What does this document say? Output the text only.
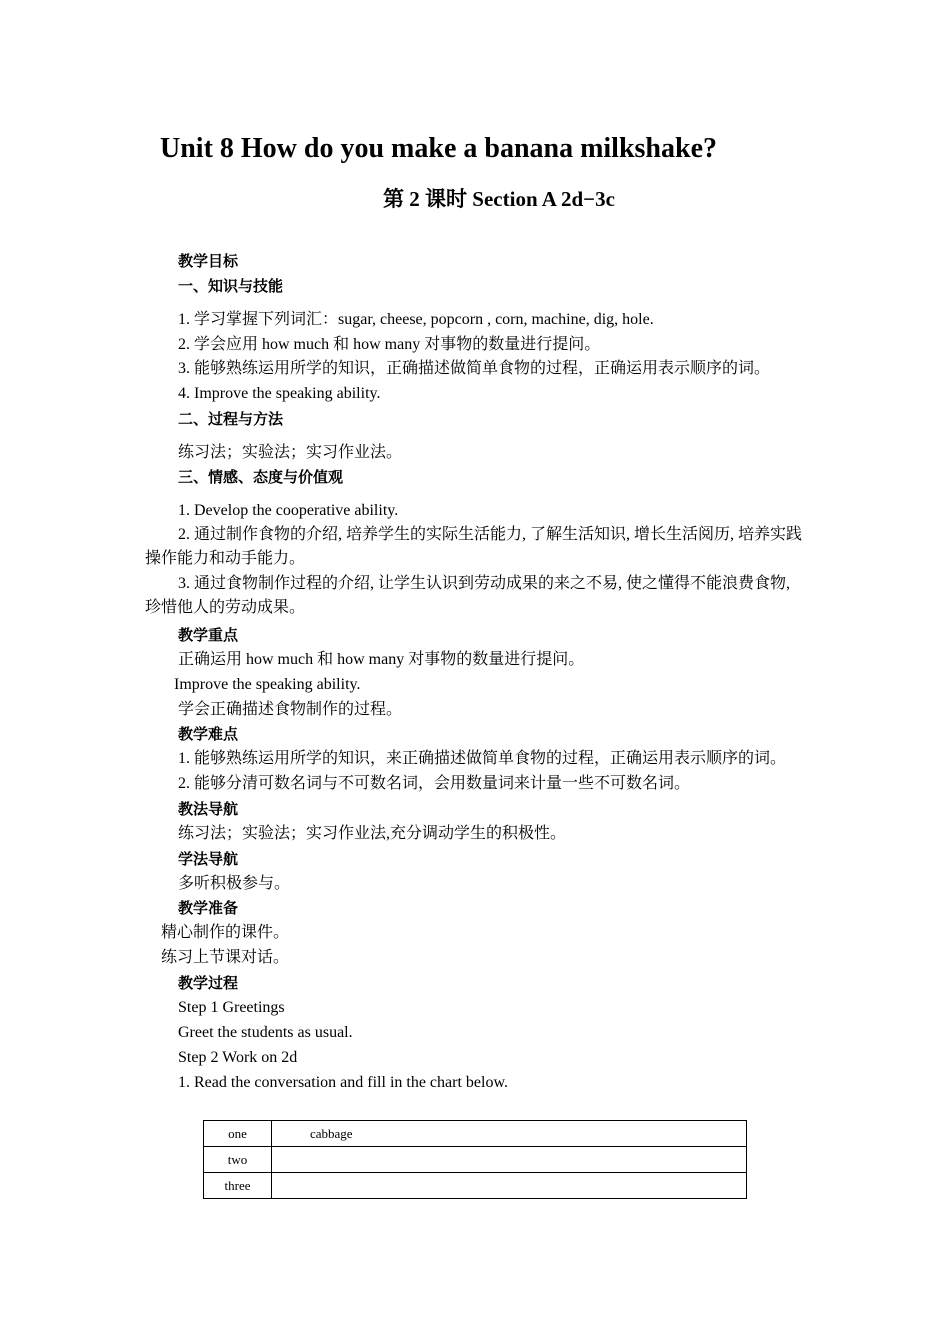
Unit 8 How do you make a banana milkshake?
第 2 课时 Section A 2d−3c
教学目标
一、知识与技能
1. 学习掌握下列词汇：sugar, cheese, popcorn , corn, machine, dig, hole.
2. 学会应用 how much 和 how many 对事物的数量进行提问。
3. 能够熟练运用所学的知识，正确描述做简单食物的过程，正确运用表示顺序的词。
4. Improve the speaking ability.
二、过程与方法
练习法；实验法；实习作业法。
三、情感、态度与价值观
1. Develop the cooperative ability.
2. 通过制作食物的介绍, 培养学生的实际生活能力, 了解生活知识, 增长生活阅历, 培养实践操作能力和动手能力。
3. 通过食物制作过程的介绍, 让学生认识到劳动成果的来之不易, 使之懂得不能浪费食物, 珍惜他人的劳动成果。
教学重点
正确运用 how much 和 how many 对事物的数量进行提问。
Improve the speaking ability.
学会正确描述食物制作的过程。
教学难点
1. 能够熟练运用所学的知识，来正确描述做简单食物的过程，正确运用表示顺序的词。
2. 能够分清可数名词与不可数名词，会用数量词来计量一些不可数名词。
教法导航
练习法；实验法；实习作业法,充分调动学生的积极性。
学法导航
多听积极参与。
教学准备
精心制作的课件。
练习上节课对话。
教学过程
Step 1 Greetings
Greet the students as usual.
Step 2 Work on 2d
1. Read the conversation and fill in the chart below.
one	cabbage
two	
three	
